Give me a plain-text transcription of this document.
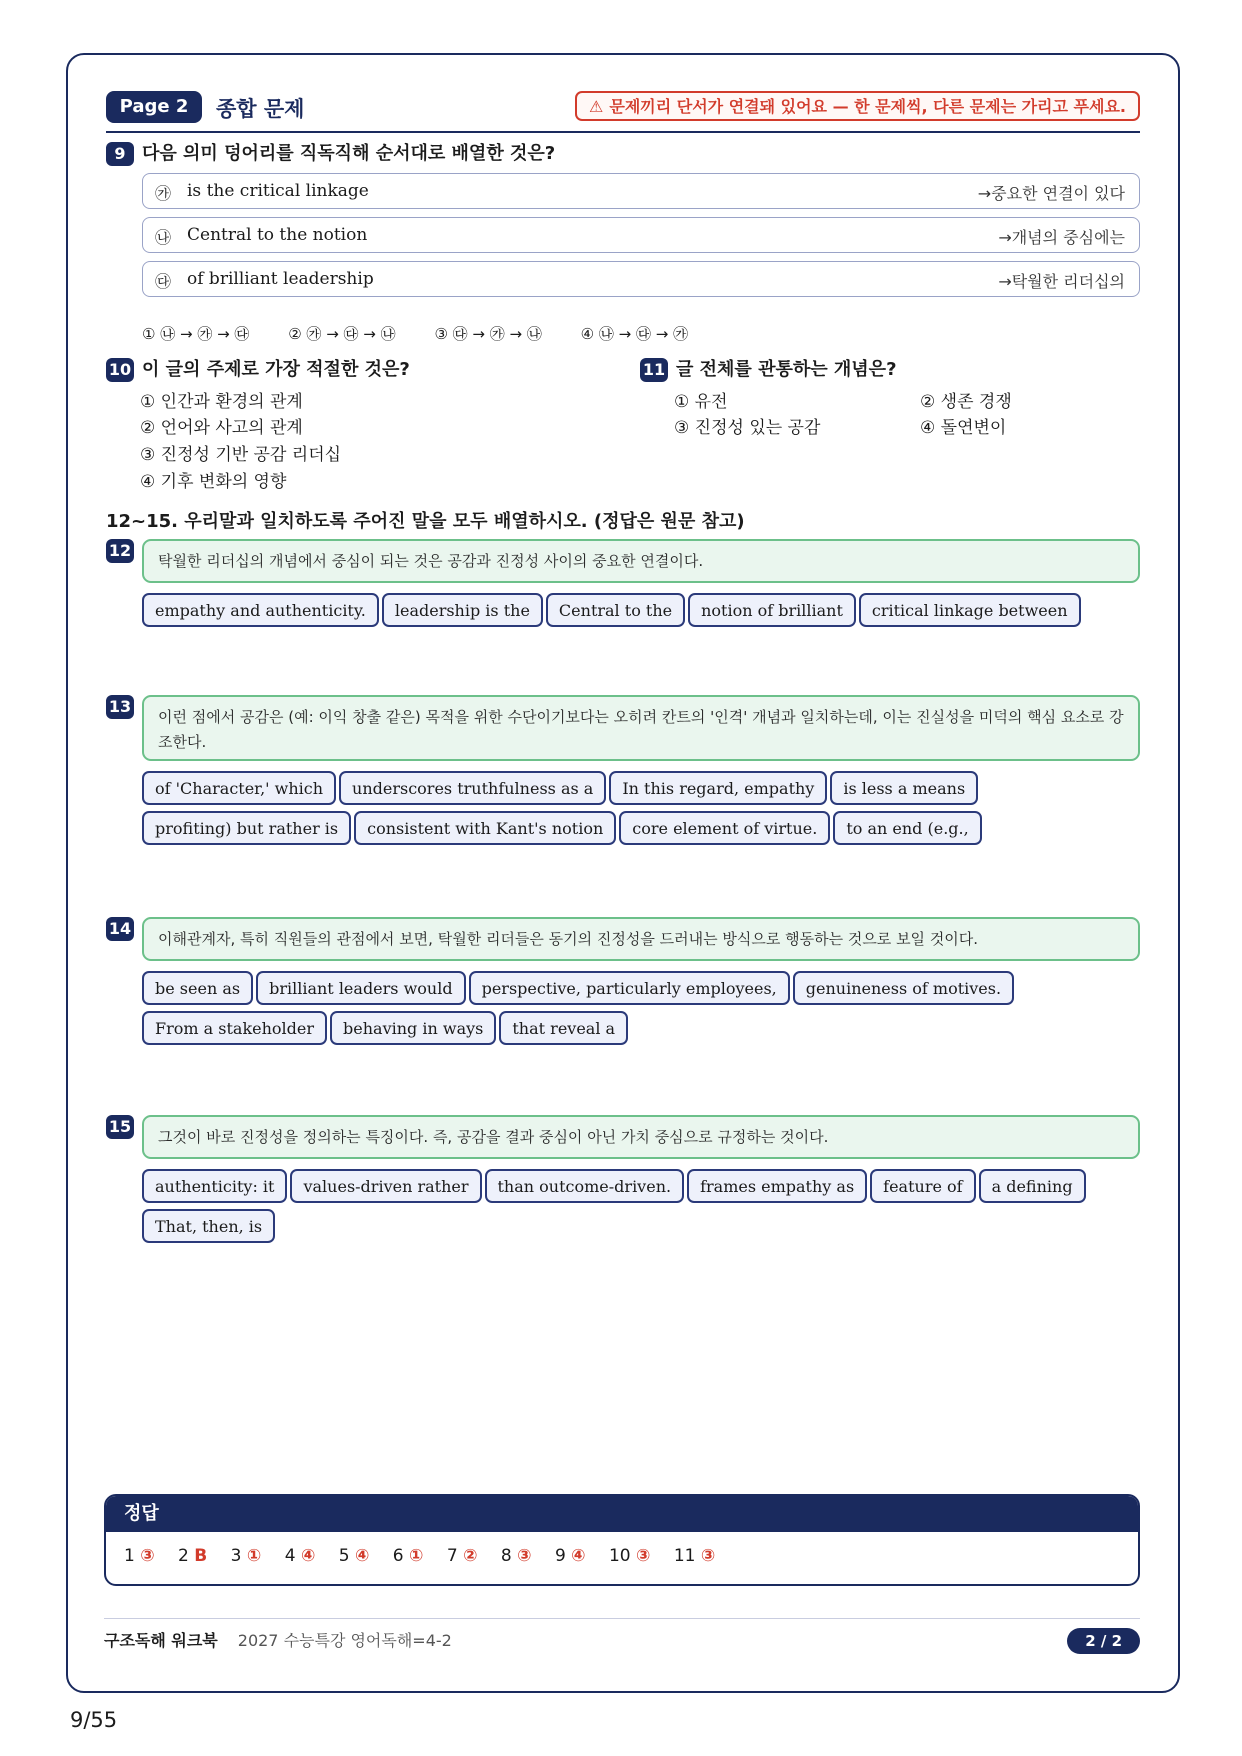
Page 2	종합 문제	⚠ 문제끼리 단서가 연결돼 있어요 — 한 문제씩, 다른 문제는 가리고 푸세요.
9 다음 의미 덩어리를 직독직해 순서대로 배열한 것은?
㉮ is the critical linkage	→중요한 연결이 있다
㉯ Central to the notion	→개념의 중심에는
㉰ of brilliant leadership	→탁월한 리더십의
① ㉯ → ㉮ → ㉰	② ㉮ → ㉰ → ㉯	③ ㉰ → ㉮ → ㉯	④ ㉯ → ㉰ → ㉮
10 이 글의 주제로 가장 적절한 것은?
① 인간과 환경의 관계
② 언어와 사고의 관계
③ 진정성 기반 공감 리더십
④ 기후 변화의 영향
11 글 전체를 관통하는 개념은?
① 유전	② 생존 경쟁
③ 진정성 있는 공감	④ 돌연변이
12~15. 우리말과 일치하도록 주어진 말을 모두 배열하시오. (정답은 원문 참고)
12
탁월한 리더십의 개념에서 중심이 되는 것은 공감과 진정성 사이의 중요한 연결이다.
empathy and authenticity. leadership is the Central to the notion of brilliant critical linkage between
13
이런 점에서 공감은 (예: 이익 창출 같은) 목적을 위한 수단이기보다는 오히려 칸트의 '인격' 개념과 일치하는데, 이는 진실성을 미덕의 핵심 요소로 강조한다.
of 'Character,' which underscores truthfulness as a In this regard, empathy is less a means
profiting) but rather is consistent with Kant's notion core element of virtue. to an end (e.g.,
14
이해관계자, 특히 직원들의 관점에서 보면, 탁월한 리더들은 동기의 진정성을 드러내는 방식으로 행동하는 것으로 보일 것이다.
be seen as brilliant leaders would perspective, particularly employees, genuineness of motives.
From a stakeholder behaving in ways that reveal a
15
그것이 바로 진정성을 정의하는 특징이다. 즉, 공감을 결과 중심이 아닌 가치 중심으로 규정하는 것이다.
authenticity: it values-driven rather than outcome-driven. frames empathy as feature of a defining
That, then, is
정답
1 ③ 2 B 3 ① 4 ④ 5 ④ 6 ① 7 ② 8 ③ 9 ④ 10 ③ 11 ③
구조독해 워크북 2027 수능특강 영어독해=4-2	2 / 2
9/55
